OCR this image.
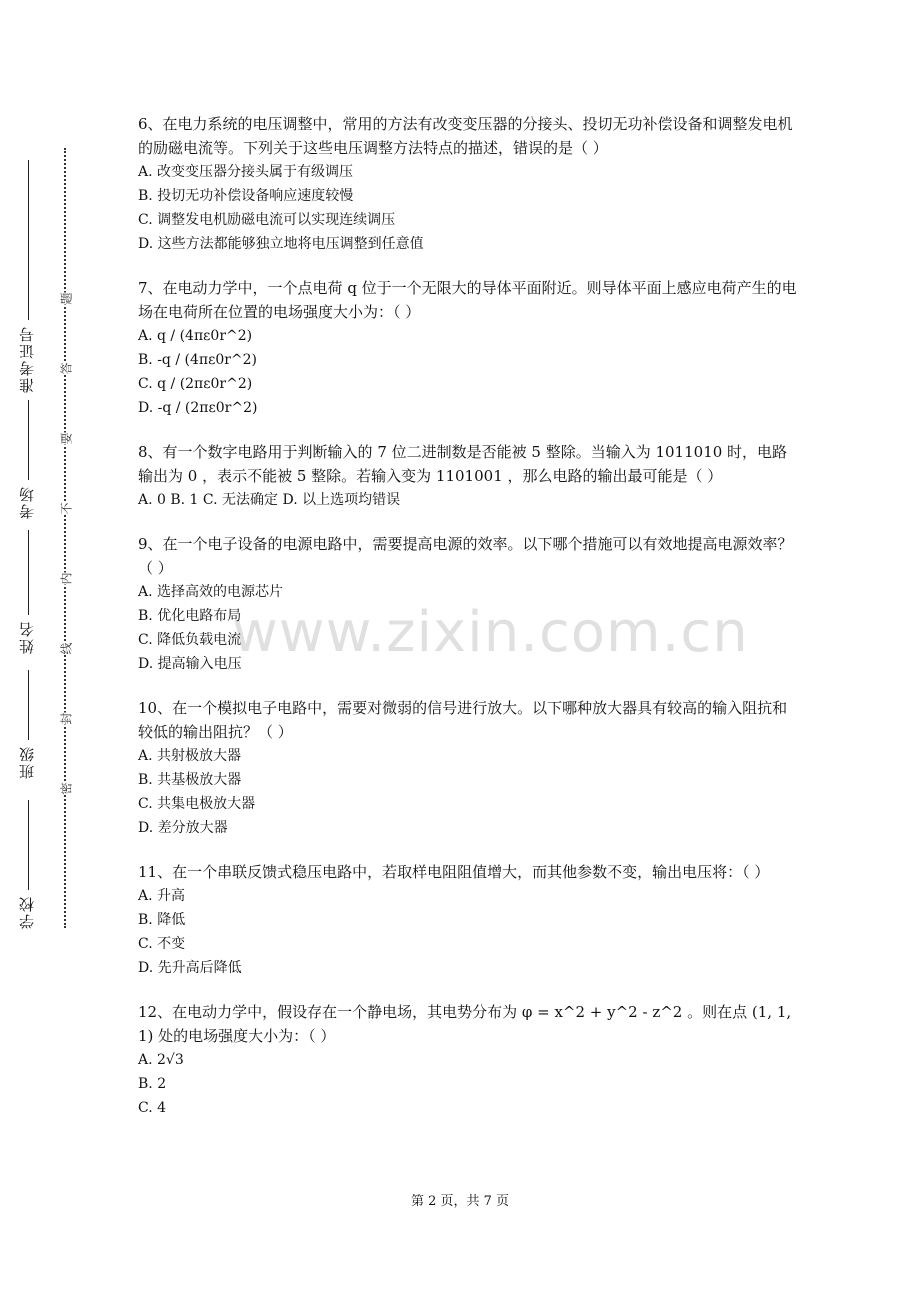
学校
班级
姓名
考场
准考证号
题
答
要
不
内
线
封
密

6、在电力系统的电压调整中，常用的方法有改变变压器的分接头、投切无功补偿设备和调整发电机的励磁电流等。下列关于这些电压调整方法特点的描述，错误的是（ ）

A. 改变变压器分接头属于有级调压

B. 投切无功补偿设备响应速度较慢

C. 调整发电机励磁电流可以实现连续调压

D. 这些方法都能够独立地将电压调整到任意值

7、在电动力学中，一个点电荷 q 位于一个无限大的导体平面附近。则导体平面上感应电荷产生的电场在电荷所在位置的电场强度大小为：（ ）

A. q / (4πε0r^2)

B. -q / (4πε0r^2)

C. q / (2πε0r^2)

D. -q / (2πε0r^2)

8、有一个数字电路用于判断输入的 7 位二进制数是否能被 5 整除。当输入为 1011010 时，电路输出为 0 ，表示不能被 5 整除。若输入变为 1101001 ，那么电路的输出最可能是（ ）

A. 0 B. 1 C. 无法确定 D. 以上选项均错误

9、在一个电子设备的电源电路中，需要提高电源的效率。以下哪个措施可以有效地提高电源效率？（ ）

A. 选择高效的电源芯片

B. 优化电路布局

C. 降低负载电流

D. 提高输入电压

10、在一个模拟电子电路中，需要对微弱的信号进行放大。以下哪种放大器具有较高的输入阻抗和较低的输出阻抗？（ ）

A. 共射极放大器

B. 共基极放大器

C. 共集电极放大器

D. 差分放大器

11、在一个串联反馈式稳压电路中，若取样电阻阻值增大，而其他参数不变，输出电压将：（ ）

A. 升高

B. 降低

C. 不变

D. 先升高后降低

12、在电动力学中，假设存在一个静电场，其电势分布为 φ = x^2 + y^2 - z^2 。则在点 (1, 1, 1) 处的电场强度大小为：（ ）

A. 2√3

B. 2

C. 4

www.zixin.com.cn
第 2 页，共 7 页
